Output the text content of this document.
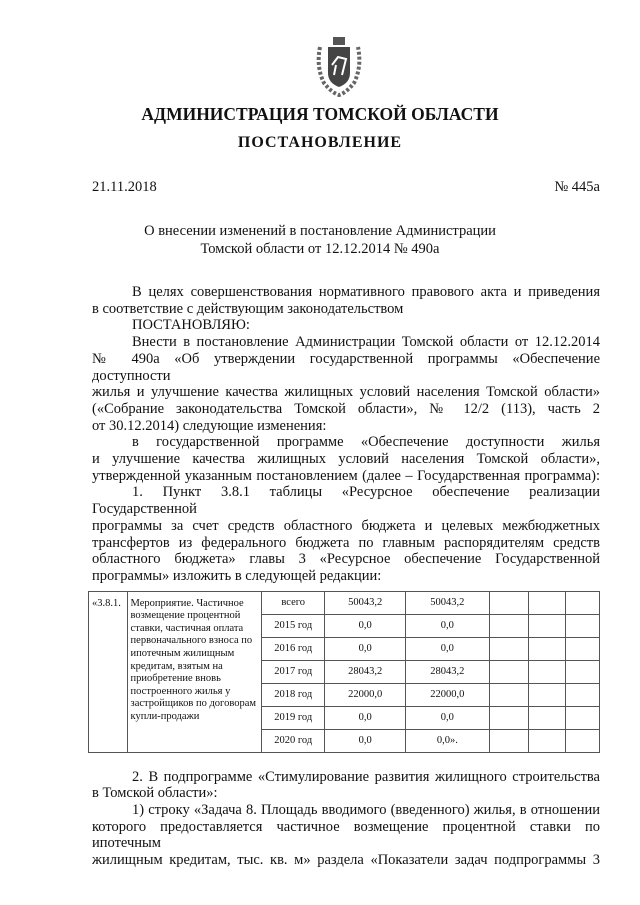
АДМИНИСТРАЦИЯ ТОМСКОЙ ОБЛАСТИ
ПОСТАНОВЛЕНИЕ
21.11.2018	№ 445а
О внесении изменений в постановление Администрации
Томской области от 12.12.2014 № 490а
В целях совершенствования нормативного правового акта и приведения
в соответствие с действующим законодательством
ПОСТАНОВЛЯЮ:
Внести в постановление Администрации Томской области от 12.12.2014
№ 490а «Об утверждении государственной программы «Обеспечение доступности
жилья и улучшение качества жилищных условий населения Томской области»
(«Собрание законодательства Томской области», № 12/2 (113), часть 2
от 30.12.2014) следующие изменения:
в государственной программе «Обеспечение доступности жилья
и улучшение качества жилищных условий населения Томской области»,
утвержденной указанным постановлением (далее – Государственная программа):
1. Пункт 3.8.1 таблицы «Ресурсное обеспечение реализации Государственной
программы за счет средств областного бюджета и целевых межбюджетных
трансфертов из федерального бюджета по главным распорядителям средств
областного бюджета» главы 3 «Ресурсное обеспечение Государственной
программы» изложить в следующей редакции:
«3.8.1.	Мероприятие. Частичное возмещение процентной ставки, частичная оплата первоначального взноса по ипотечным жилищным кредитам, взятым на приобретение вновь построенного жилья у застройщиков по договорам купли-продажи	всего	50043,2	50043,2			
		2015 год	0,0	0,0			
		2016 год	0,0	0,0			
		2017 год	28043,2	28043,2			
		2018 год	22000,0	22000,0			
		2019 год	0,0	0,0			
		2020 год	0,0	0,0».			
2. В подпрограмме «Стимулирование развития жилищного строительства
в Томской области»:
1) строку «Задача 8. Площадь вводимого (введенного) жилья, в отношении
которого предоставляется частичное возмещение процентной ставки по ипотечным
жилищным кредитам, тыс. кв. м» раздела «Показатели задач подпрограммы 3
